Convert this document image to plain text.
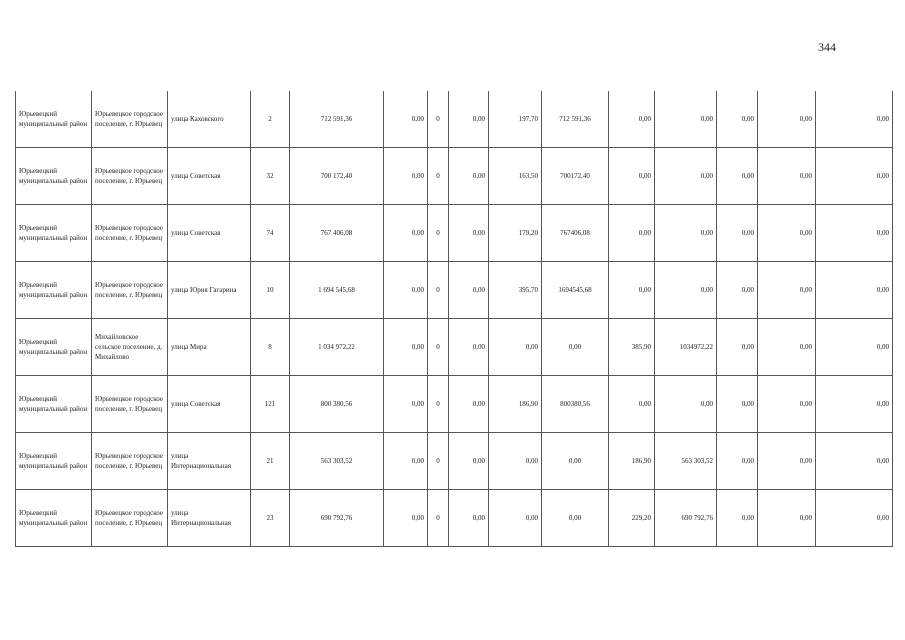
344
Юрьевецкий муниципальный район	Юрьевецкое городское поселение, г. Юрьевец	улица Каховского	2	712 591,36	0,00	0	0,00	197,70	712 591,36	0,00	0,00	0,00	0,00	0,00
Юрьевецкий муниципальный район	Юрьевецкое городское поселение, г. Юрьевец	улица Советская	32	700 172,40	0,00	0	0,00	163,50	700172,40	0,00	0,00	0,00	0,00	0,00
Юрьевецкий муниципальный район	Юрьевецкое городское поселение, г. Юрьевец	улица Советская	74	767 406,08	0,00	0	0,00	179,20	767406,08	0,00	0,00	0,00	0,00	0,00
Юрьевецкий муниципальный район	Юрьевецкое городское поселение, г. Юрьевец	улица Юрия Гагарина	10	1 694 545,68	0,00	0	0,00	395,70	1694545,68	0,00	0,00	0,00	0,00	0,00
Юрьевецкий муниципальный район	Михайловское сельское поселение, д. Михайлово	улица Мира	8	1 034 972,22	0,00	0	0,00	0,00	0,00	385,90	1034972,22	0,00	0,00	0,00
Юрьевецкий муниципальный район	Юрьевецкое городское поселение, г. Юрьевец	улица Советская	121	800 380,56	0,00	0	0,00	186,90	800380,56	0,00	0,00	0,00	0,00	0,00
Юрьевецкий муниципальный район	Юрьевецкое городское поселение, г. Юрьевец	улица Интернациональная	21	563 303,52	0,00	0	0,00	0,00	0,00	186,90	563 303,52	0,00	0,00	0,00
Юрьевецкий муниципальный район	Юрьевецкое городское поселение, г. Юрьевец	улица Интернациональная	23	690 792,76	0,00	0	0,00	0,00	0,00	229,20	690 792,76	0,00	0,00	0,00
